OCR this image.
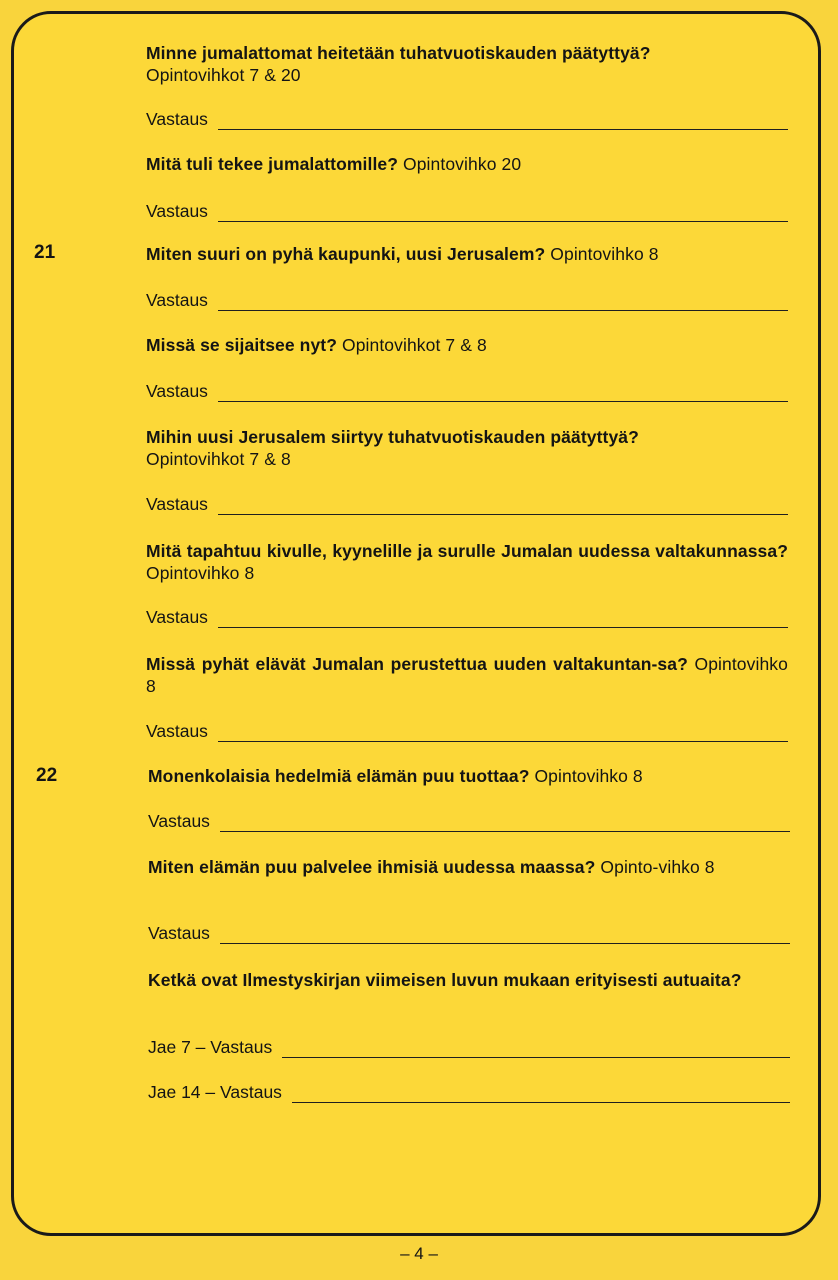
Minne jumalattomat heitetään tuhatvuotiskauden päätyttyä?
Opintovihkot 7 & 20
Vastaus
Mitä tuli tekee jumalattomille? Opintovihko 20
Vastaus
21	Miten suuri on pyhä kaupunki, uusi Jerusalem? Opintovihko 8
Vastaus
Missä se sijaitsee nyt? Opintovihkot 7 & 8
Vastaus
Mihin uusi Jerusalem siirtyy tuhatvuotiskauden päätyttyä?
Opintovihkot 7 & 8
Vastaus
Mitä tapahtuu kivulle, kyynelille ja surulle Jumalan uudessa valtakunnassa? Opintovihko 8
Vastaus
Missä pyhät elävät Jumalan perustettua uuden valtakuntan-sa? Opintovihko 8
Vastaus
22	Monenkolaisia hedelmiä elämän puu tuottaa? Opintovihko 8
Vastaus
Miten elämän puu palvelee ihmisiä uudessa maassa? Opinto-vihko 8
Vastaus
Ketkä ovat Ilmestyskirjan viimeisen luvun mukaan erityisesti autuaita?
Jae 7 – Vastaus
Jae 14 – Vastaus
– 4 –
